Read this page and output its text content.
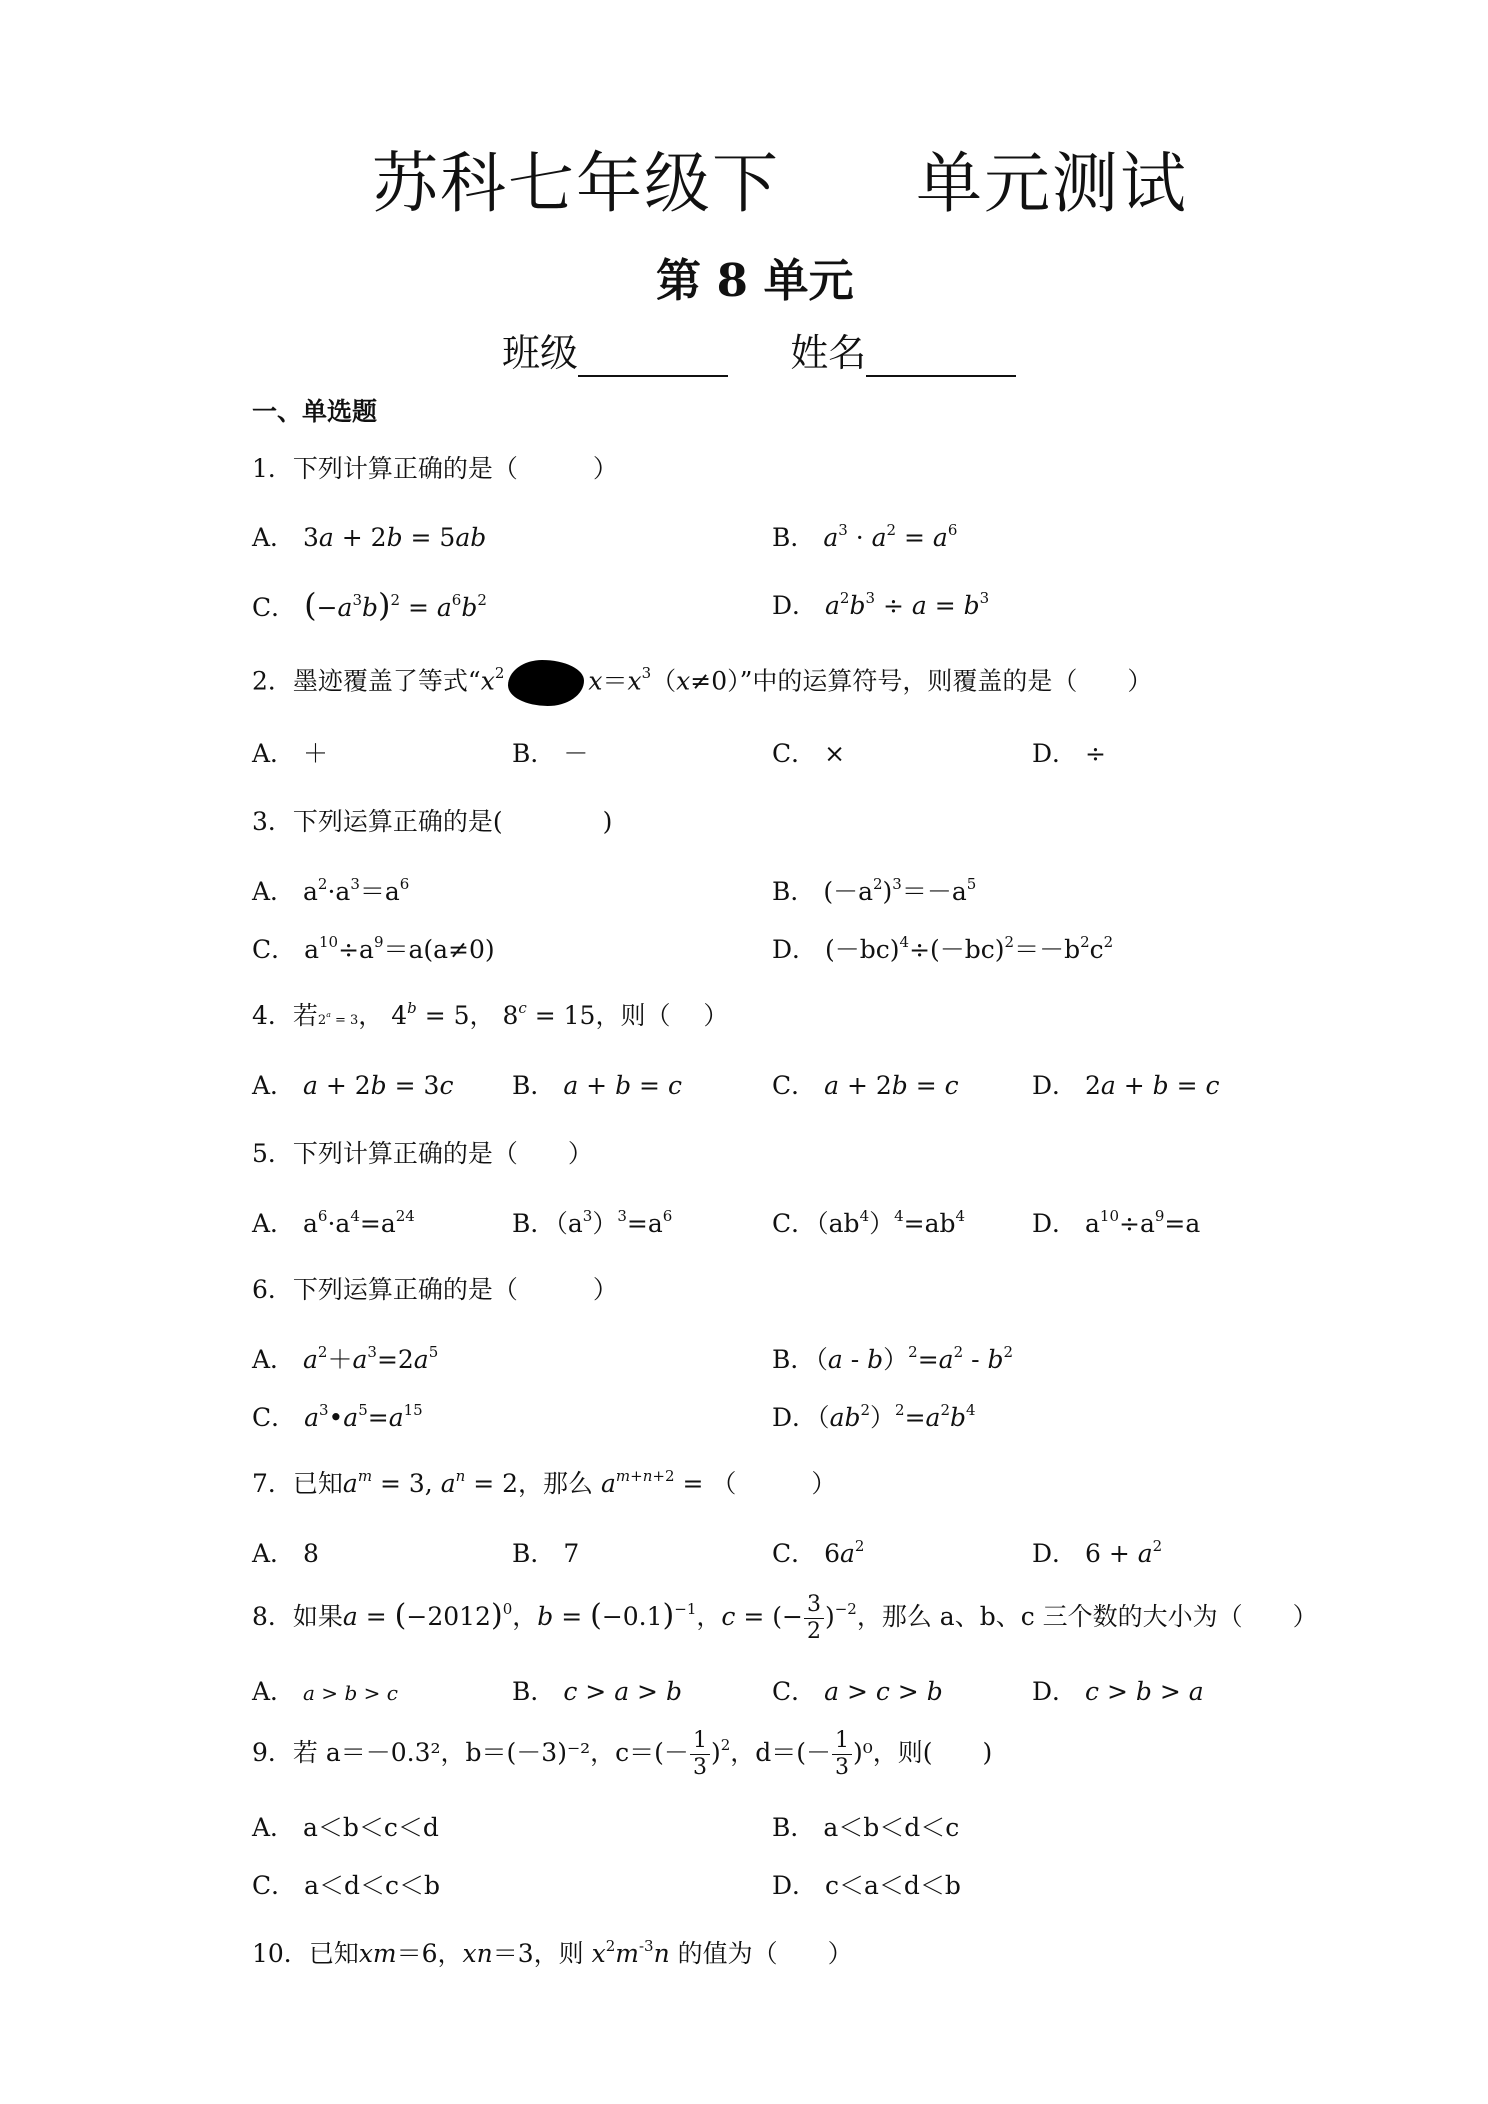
苏科七年级下　　单元测试
第 8 单元
班级	姓名
一、单选题
1．下列计算正确的是（　　　）
A． 3a + 2b = 5ab	B． $a^3 \cdot a^2 = a^6$
C． $(-a^3b)^2 = a^6b^2$	D． $a^2b^3 \div a = b^3$
2．墨迹覆盖了等式“$x^2$	$x=x^3(x\ne 0)$”中的运算符号，则覆盖的是（　　）
A． ＋	B． －	C． ×	D． ÷
3．下列运算正确的是(　　　　)
A． $a^2\cdot a^3=a^6$	B． $(-a^2)^3=-a^5$
C． $a^{10}\div a^9=a(a\ne 0)$	D． $(-bc)^4\div(-bc)^2=-b^2c^2$
4．若$2^a = 3$， $4^b = 5$， $8^c = 15$，则（　 ）
A． a + 2b = 3c B． a + b = c	C． a + 2b = c	D． 2a + b = c
5．下列计算正确的是（　　）
A． $a^6\cdot a^4=a^{24}$	B．$(a^3)^3=a^6$	C．$(ab^4)^4=ab^4$	D． $a^{10}\div a^9=a$
6．下列运算正确的是（　　　）
A． $a^2+a^3=2a^5$	B．$(a - b)^2=a^2 - b^2$
C． $a^3•a^5=a^{15}$	D．$(ab^2)^2=a^2b^4$
7．已知$a^m = 3$, $a^n = 2$，那么 $a^{m+n+2}$ = （　　　）
A． 8	B． 7	C． $6a^2$	D． $6 + a^2$
8．如果$a = (-2012)^0$，$b = (-0.1)^{-1}$，c = (− $\frac{3}{2} )^{-2}$，那么 a、b、c 三个数的大小为（　　）
A． a > b > c	B． c > a > b	C． a > c > b	D． c > b > a
9．若 a＝－0.3²，b＝(－3)⁻²，$c=(- \frac{1}{3} )^2$，$d=(- \frac{1}{3} )^0$，则(　　)
A． a＜b＜c＜d	B． a＜b＜d＜c
C． a＜d＜c＜b	D． c＜a＜d＜b
10．已知xm＝6，xn＝3，则 $x^2m^{-3}n$ 的值为（　　）
